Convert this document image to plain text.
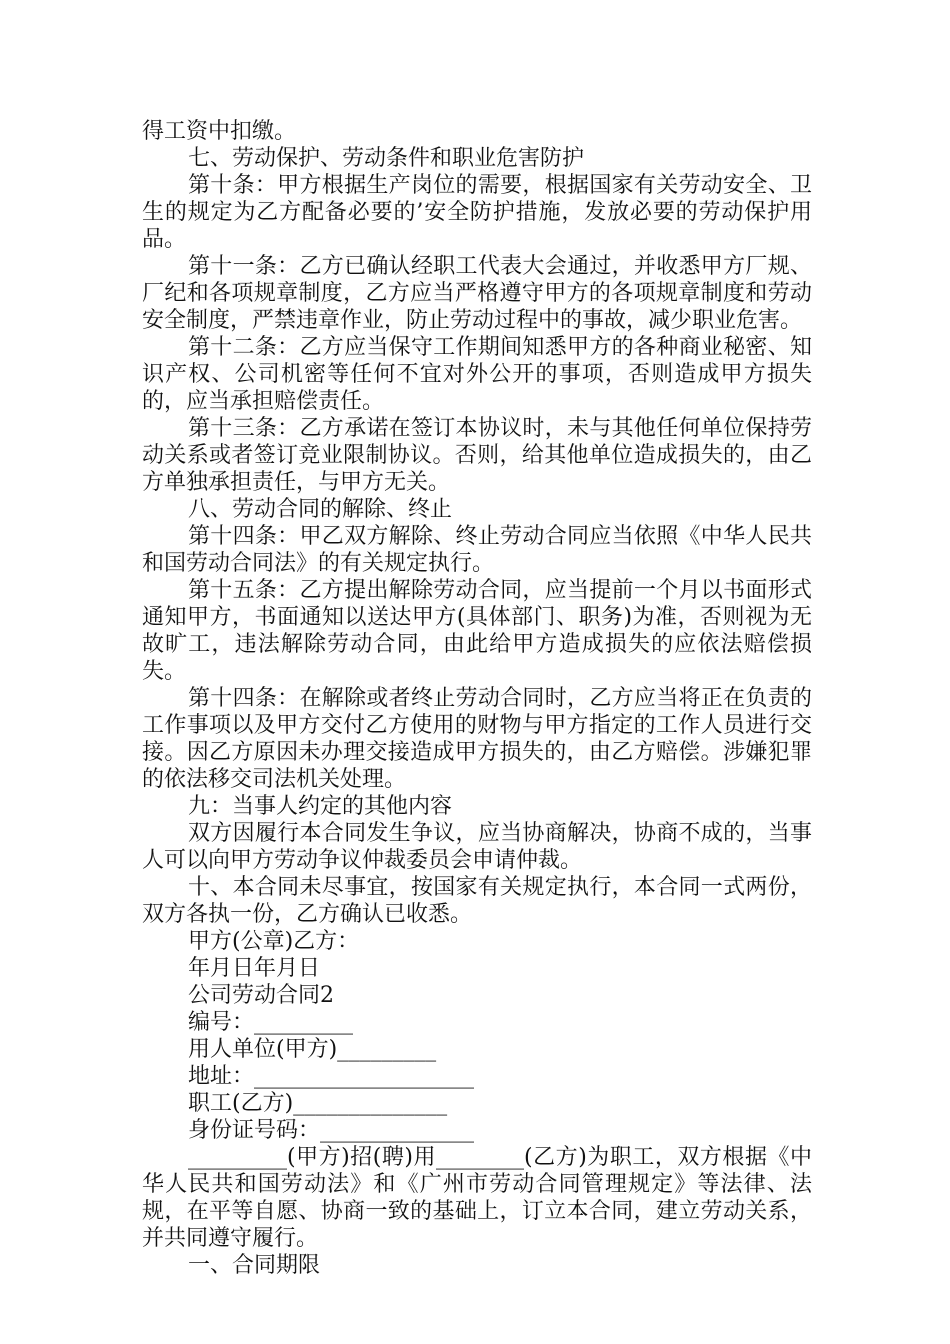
得工资中扣缴。

七、劳动保护、劳动条件和职业危害防护

第十条：甲方根据生产岗位的需要，根据国家有关劳动安全、卫生的规定为乙方配备必要的’安全防护措施，发放必要的劳动保护用品。

第十一条：乙方已确认经职工代表大会通过，并收悉甲方厂规、厂纪和各项规章制度，乙方应当严格遵守甲方的各项规章制度和劳动安全制度，严禁违章作业，防止劳动过程中的事故，减少职业危害。

第十二条：乙方应当保守工作期间知悉甲方的各种商业秘密、知识产权、公司机密等任何不宜对外公开的事项，否则造成甲方损失的，应当承担赔偿责任。

第十三条：乙方承诺在签订本协议时，未与其他任何单位保持劳动关系或者签订竞业限制协议。否则，给其他单位造成损失的，由乙方单独承担责任，与甲方无关。

八、劳动合同的解除、终止

第十四条：甲乙双方解除、终止劳动合同应当依照《中华人民共和国劳动合同法》的有关规定执行。

第十五条：乙方提出解除劳动合同，应当提前一个月以书面形式通知甲方，书面通知以送达甲方(具体部门、职务)为准，否则视为无故旷工，违法解除劳动合同，由此给甲方造成损失的应依法赔偿损失。

第十四条：在解除或者终止劳动合同时，乙方应当将正在负责的工作事项以及甲方交付乙方使用的财物与甲方指定的工作人员进行交接。因乙方原因未办理交接造成甲方损失的，由乙方赔偿。涉嫌犯罪的依法移交司法机关处理。

九：当事人约定的其他内容

双方因履行本合同发生争议，应当协商解决，协商不成的，当事人可以向甲方劳动争议仲裁委员会申请仲裁。

十、本合同未尽事宜，按国家有关规定执行，本合同一式两份，双方各执一份，乙方确认已收悉。

甲方(公章)乙方：

年月日年月日

公司劳动合同2

编号：_________

用人单位(甲方)_________

地址：____________________

职工(乙方)______________

身份证号码：______________

_________(甲方)招(聘)用________(乙方)为职工，双方根据《中华人民共和国劳动法》和《广州市劳动合同管理规定》等法律、法规，在平等自愿、协商一致的基础上，订立本合同，建立劳动关系，并共同遵守履行。

一、合同期限
